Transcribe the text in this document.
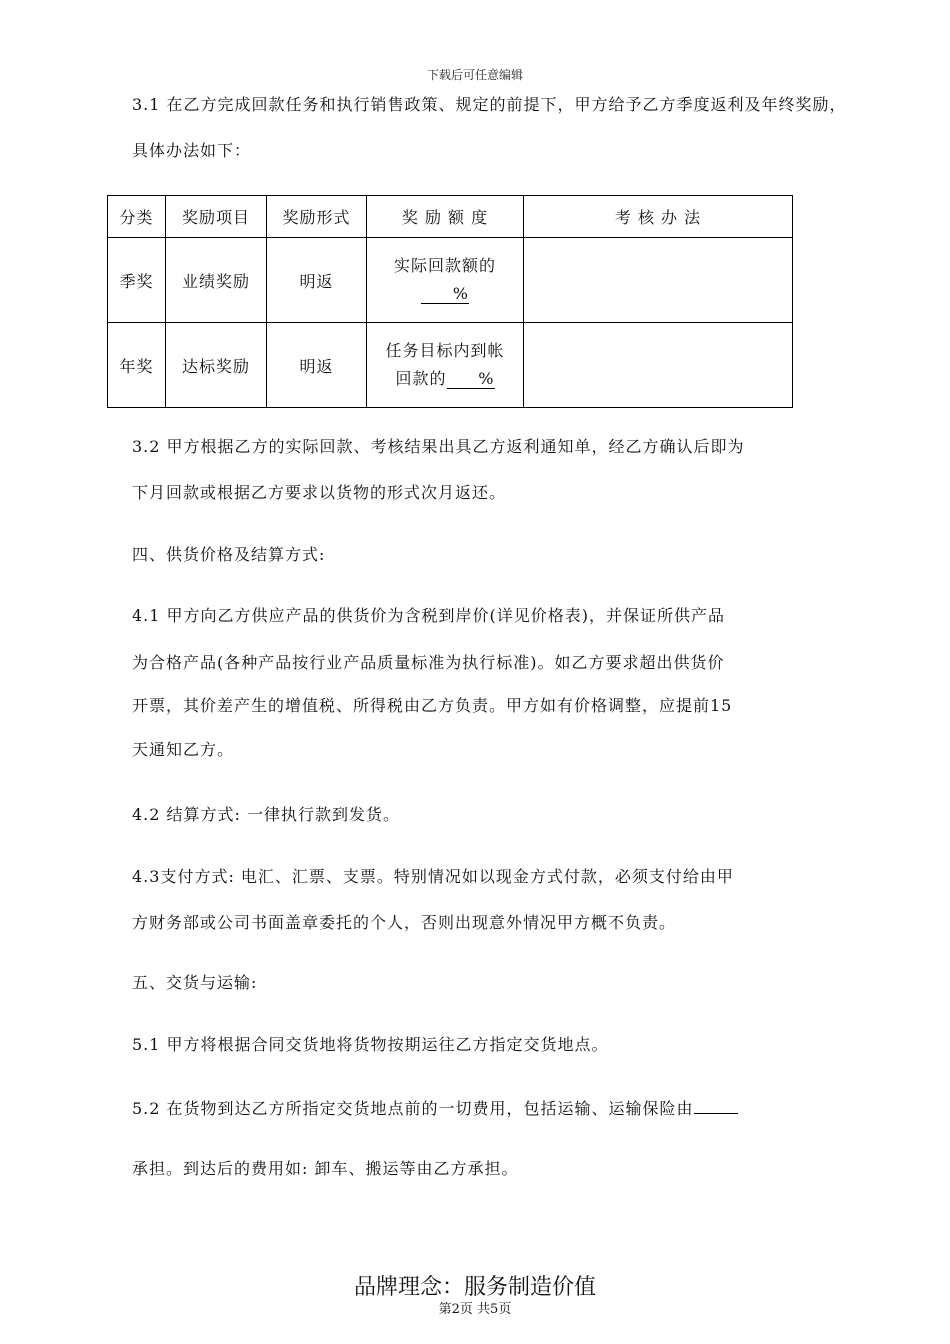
下载后可任意编辑
3.1 在乙方完成回款任务和执行销售政策、规定的前提下，甲方给予乙方季度返利及年终奖励，
具体办法如下：
分类	奖励项目	奖励形式	奖 励 额 度	考 核 办 法
季奖	业绩奖励	明返	实际回款额的
%	

年奖	达标奖励	明返	任务目标内到帐
回款的 %	

3.2 甲方根据乙方的实际回款、考核结果出具乙方返利通知单，经乙方确认后即为
下月回款或根据乙方要求以货物的形式次月返还。
四、供货价格及结算方式:
4.1 甲方向乙方供应产品的供货价为含税到岸价(详见价格表)，并保证所供产品
为合格产品(各种产品按行业产品质量标准为执行标准)。如乙方要求超出供货价
开票，其价差产生的增值税、所得税由乙方负责。甲方如有价格调整，应提前15
天通知乙方。
4.2 结算方式: 一律执行款到发货。
4.3支付方式: 电汇、汇票、支票。特别情况如以现金方式付款，必须支付给由甲
方财务部或公司书面盖章委托的个人，否则出现意外情况甲方概不负责。
五、交货与运输:
5.1 甲方将根据合同交货地将货物按期运往乙方指定交货地点。
5.2 在货物到达乙方所指定交货地点前的一切费用，包括运输、运输保险由
承担。到达后的费用如: 卸车、搬运等由乙方承担。
品牌理念：服务制造价值
第2页 共5页
